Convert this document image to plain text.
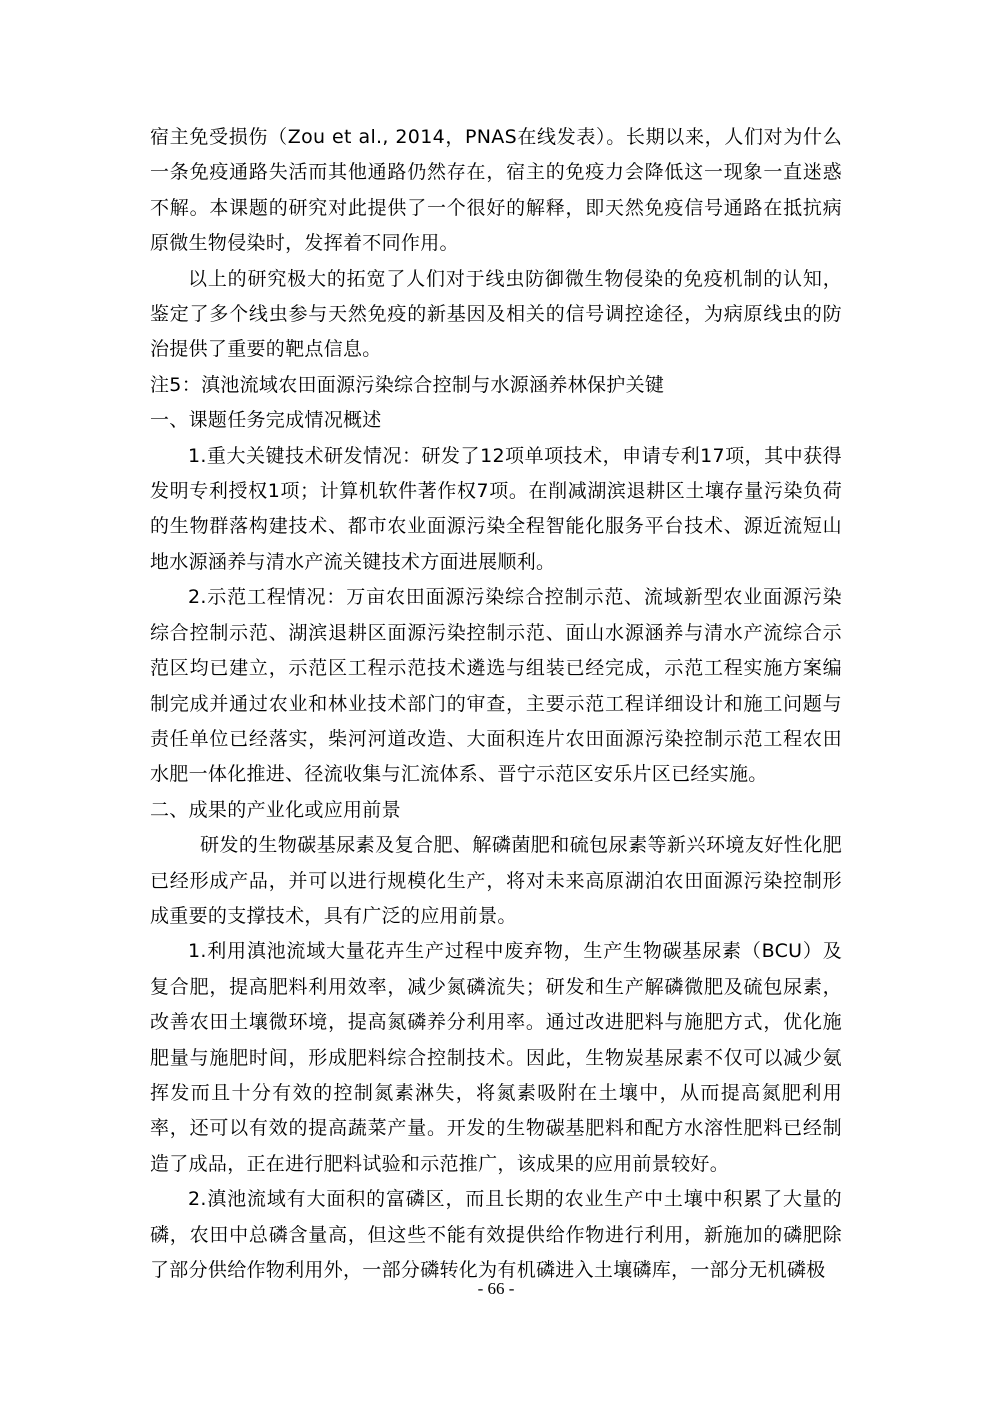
宿主免受损伤（Zou et al., 2014，PNAS在线发表）。长期以来，人们对为什么一条免疫通路失活而其他通路仍然存在，宿主的免疫力会降低这一现象一直迷惑不解。本课题的研究对此提供了一个很好的解释，即天然免疫信号通路在抵抗病原微生物侵染时，发挥着不同作用。

以上的研究极大的拓宽了人们对于线虫防御微生物侵染的免疫机制的认知，鉴定了多个线虫参与天然免疫的新基因及相关的信号调控途径，为病原线虫的防治提供了重要的靶点信息。

注5：滇池流域农田面源污染综合控制与水源涵养林保护关键

一、课题任务完成情况概述

1.重大关键技术研发情况：研发了12项单项技术，申请专利17项，其中获得发明专利授权1项；计算机软件著作权7项。在削减湖滨退耕区土壤存量污染负荷的生物群落构建技术、都市农业面源污染全程智能化服务平台技术、源近流短山地水源涵养与清水产流关键技术方面进展顺利。

2.示范工程情况：万亩农田面源污染综合控制示范、流域新型农业面源污染综合控制示范、湖滨退耕区面源污染控制示范、面山水源涵养与清水产流综合示范区均已建立，示范区工程示范技术遴选与组装已经完成，示范工程实施方案编制完成并通过农业和林业技术部门的审查，主要示范工程详细设计和施工问题与责任单位已经落实，柴河河道改造、大面积连片农田面源污染控制示范工程农田水肥一体化推进、径流收集与汇流体系、晋宁示范区安乐片区已经实施。

二、成果的产业化或应用前景

研发的生物碳基尿素及复合肥、解磷菌肥和硫包尿素等新兴环境友好性化肥已经形成产品，并可以进行规模化生产，将对未来高原湖泊农田面源污染控制形成重要的支撑技术，具有广泛的应用前景。

1.利用滇池流域大量花卉生产过程中废弃物，生产生物碳基尿素（BCU）及复合肥，提高肥料利用效率，减少氮磷流失；研发和生产解磷微肥及硫包尿素，改善农田土壤微环境，提高氮磷养分利用率。通过改进肥料与施肥方式，优化施肥量与施肥时间，形成肥料综合控制技术。因此，生物炭基尿素不仅可以减少氨挥发而且十分有效的控制氮素淋失，将氮素吸附在土壤中，从而提高氮肥利用率，还可以有效的提高蔬菜产量。开发的生物碳基肥料和配方水溶性肥料已经制造了成品，正在进行肥料试验和示范推广，该成果的应用前景较好。

2.滇池流域有大面积的富磷区，而且长期的农业生产中土壤中积累了大量的磷，农田中总磷含量高，但这些不能有效提供给作物进行利用，新施加的磷肥除了部分供给作物利用外，一部分磷转化为有机磷进入土壤磷库，一部分无机磷极

- 66 -
